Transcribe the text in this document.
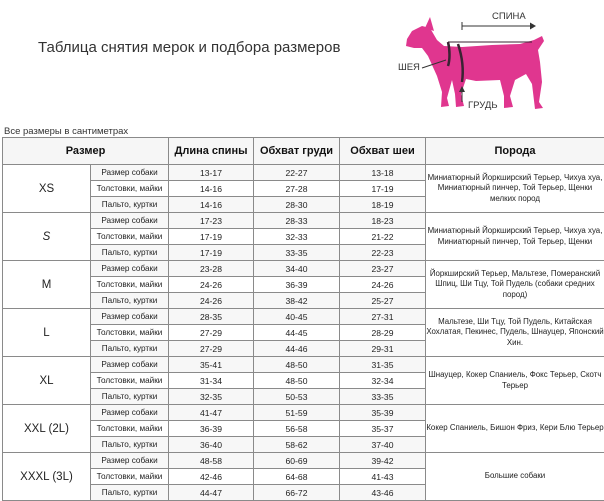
Таблица снятия мерок и подбора размеров
СПИНА
ШЕЯ
ГРУДЬ
Все размеры в сантиметрах
Размер		Длина спины	Обхват груди	Обхват шеи	Порода
XS	Размер собаки	13-17	22-27	13-18	Миниатюрный Йоркширский Терьер, Чихуа хуа, Миниатюрный пинчер, Той Терьер, Щенки мелких пород
	Толстовки, майки	14-16	27-28	17-19	
	Пальто, куртки	14-16	28-30	18-19	
S	Размер собаки	17-23	28-33	18-23	Миниатюрный Йоркширский Терьер, Чихуа хуа, Миниатюрный пинчер, Той Терьер, Щенки
	Толстовки, майки	17-19	32-33	21-22	
	Пальто, куртки	17-19	33-35	22-23	
M	Размер собаки	23-28	34-40	23-27	Йоркширский Терьер, Мальтезе, Померанский Шпиц, Ши Тцу, Той Пудель (собаки средних пород)
	Толстовки, майки	24-26	36-39	24-26	
	Пальто, куртки	24-26	38-42	25-27	
L	Размер собаки	28-35	40-45	27-31	Мальтезе, Ши Тцу, Той Пудель, Китайская Хохлатая, Пекинес, Пудель, Шнауцер, Японский Хин.
	Толстовки, майки	27-29	44-45	28-29	
	Пальто, куртки	27-29	44-46	29-31	
XL	Размер собаки	35-41	48-50	31-35	Шнауцер, Кокер Спаниель, Фокс Терьер, Скотч Терьер
	Толстовки, майки	31-34	48-50	32-34	
	Пальто, куртки	32-35	50-53	33-35	
XXL (2L)	Размер собаки	41-47	51-59	35-39	Кокер Спаниель, Бишон Фриз, Кери Блю Терьер
	Толстовки, майки	36-39	56-58	35-37	
	Пальто, куртки	36-40	58-62	37-40	
XXXL (3L)	Размер собаки	48-58	60-69	39-42	Большие собаки
	Толстовки, майки	42-46	64-68	41-43	
	Пальто, куртки	44-47	66-72	43-46	
